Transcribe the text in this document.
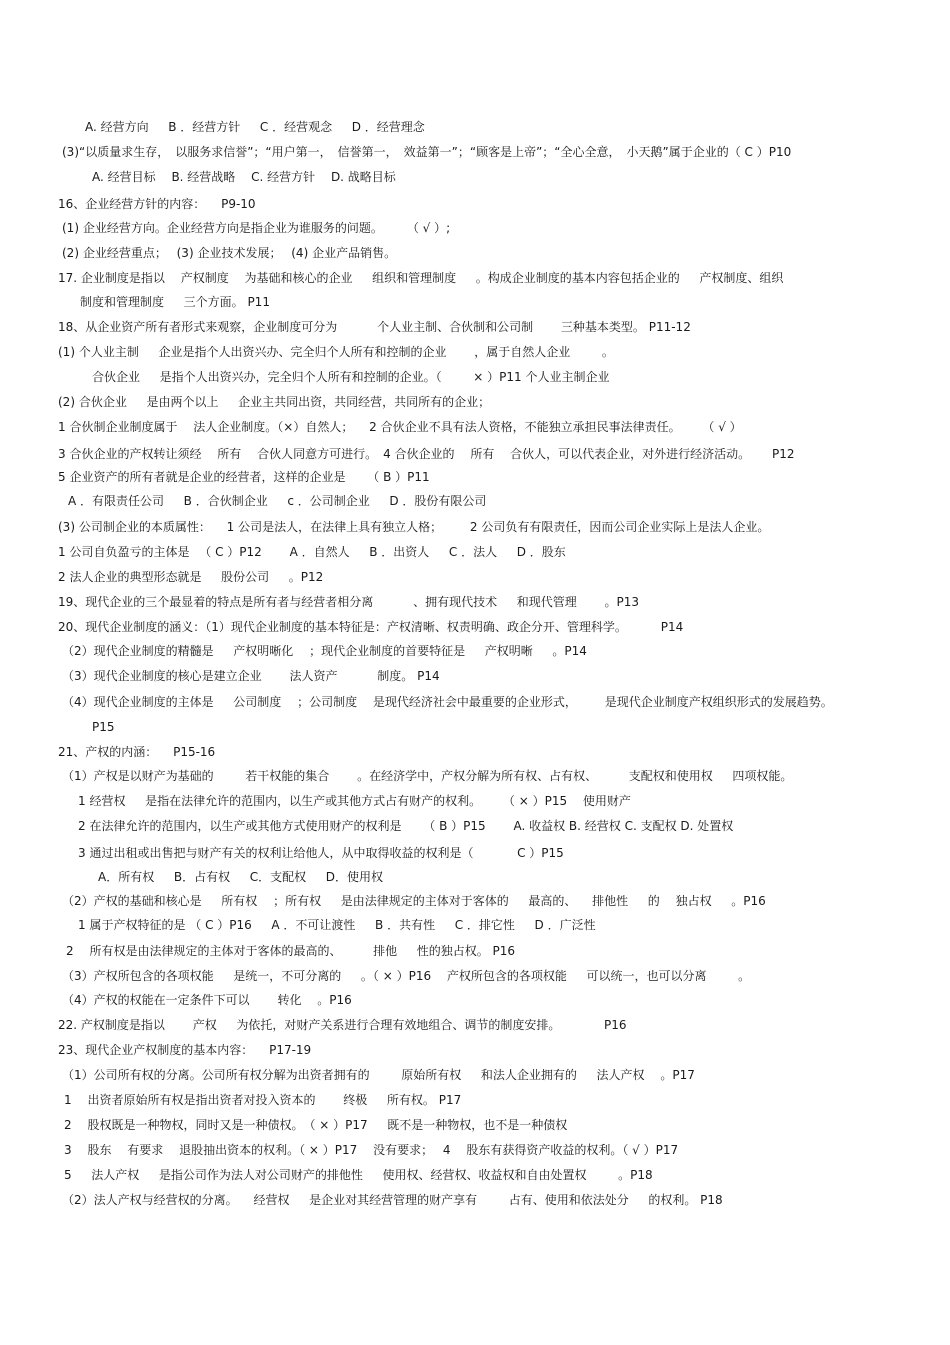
A. 经营方向 　 B ．经营方针 　 C ．经营观念 　 D ．经营理念
(3)“以质量求生存，　以服务求信誉”；“用户第一，　信誉第一，　效益第一”；“顾客是上帝”；“全心全意，　小天鹅”属于企业的（ C ）P10
A. 经营目标 　B. 经营战略 　C. 经营方针 　D. 战略目标
16、企业经营方针的内容： 　P9-10
(1) 企业经营方向。企业经营方向是指企业为谁服务的问题。　　　（ √ ）;
(2) 企业经营重点；　 (3) 企业技术发展；　 (4) 企业产品销售。
17. 企业制度是指以 　产权制度　 为基础和核心的企业 　 组织和管理制度 　 。构成企业制度的基本内容包括企业的 　 产权制度、组织
制度和管理制度 　 三个方面。 P11
18、从企业资产所有者形式来观察，企业制度可分为 　　　个人业主制、合伙制和公司制 　　三种基本类型。 P11-12
(1) 个人业主制 　 企业是指个人出资兴办、完全归个人所有和控制的企业 　　，属于自然人企业 　　 。
合伙企业 　 是指个人出资兴办，完全归个人所有和控制的企业。（ 　　 × ）P11 个人业主制企业
(2) 合伙企业 　 是由两个以上 　 企业主共同出资，共同经营，共同所有的企业；
1 合伙制企业制度属于 　法人企业制度。（×）自然人； 　2 合伙企业不具有法人资格，不能独立承担民事法律责任。 　　（ √ ）
3 合伙企业的产权转让须经 　所有 　合伙人同意方可进行。　4 合伙企业的 　所有 　合伙人，可以代表企业，对外进行经济活动。　　 P12
5 企业资产的所有者就是企业的经营者，这样的企业是 　　（ B ）P11
A ．有限责任公司 　 B ．合伙制企业 　 c ．公司制企业 　 D ．股份有限公司
(3) 公司制企业的本质属性： 　1 公司是法人，在法律上具有独立人格； 　　2 公司负有有限责任，因而公司企业实际上是法人企业。
1 公司自负盈亏的主体是 　（ C ）P12 　　A ．自然人 　 B ．出资人 　 C ．法人 　 D ．股东
2 法人企业的典型形态就是 　 股份公司 　 。P12
19、现代企业的三个最显着的特点是所有者与经营者相分离 　　　、拥有现代技术 　 和现代管理 　　。P13
20、现代企业制度的涵义：（1）现代企业制度的基本特征是：产权清晰、权责明确、政企分开、管理科学。　　　 P14
（2）现代企业制度的精髓是 　 产权明晰化 　；现代企业制度的首要特征是 　 产权明晰 　 。P14
（3）现代企业制度的核心是建立企业 　　法人资产 　　　制度。 P14
（4）现代企业制度的主体是 　 公司制度 　；公司制度 　是现代经济社会中最重要的企业形式， 　　是现代企业制度产权组织形式的发展趋势。
P15
21、产权的内涵： 　P15-16
（1）产权是以财产为基础的 　　 若干权能的集合 　　。在经济学中，产权分解为所有权、占有权、 　　 支配权和使用权 　 四项权能。
1 经营权 　 是指在法律允许的范围内，以生产或其他方式占有财产的权利。 　　（ × ）P15 　使用财产
2 在法律允许的范围内，以生产或其他方式使用财产的权利是 　　（ B ）P15 　　A. 收益权 B. 经营权 C. 支配权 D. 处置权
3 通过出租或出售把与财产有关的权利让给他人，从中取得收益的权利是（ 　　　 C ）P15
A．所有权 　 B．占有权 　 C．支配权 　 D．使用权
（2）产权的基础和核心是 　 所有权 　；所有权 　 是由法律规定的主体对于客体的 　 最高的、 　排他性 　 的 　独占权 　 。P16
1 属于产权特征的是 （ C ）P16 　 A ．不可让渡性 　 B ．共有性 　 C ．排它性 　 D ．广泛性
2 　所有权是由法律规定的主体对于客体的最高的、 　　 排他 　 性的独占权。 P16
（3）产权所包含的各项权能 　 是统一，不可分离的 　 。（ × ）P16 　产权所包含的各项权能 　 可以统一，也可以分离 　　 。
（4）产权的权能在一定条件下可以 　　转化 　。P16
22. 产权制度是指以 　　产权 　 为依托，对财产关系进行合理有效地组合、调节的制度安排。 　　　 P16
23、现代企业产权制度的基本内容： 　P17-19
（1）公司所有权的分离。公司所有权分解为出资者拥有的 　　 原始所有权 　 和法人企业拥有的 　 法人产权 　。P17
1 　出资者原始所有权是指出资者对投入资本的 　　终极 　 所有权。 P17
2 　股权既是一种物权，同时又是一种债权。　（ × ）P17 　 既不是一种物权，也不是一种债权
3 　股东 　有要求 　退股抽出资本的权利。（ × ）P17 　没有要求；　 4 　股东有获得资产收益的权利。（ √ ）P17
5 　 法人产权 　 是指公司作为法人对公司财产的排他性 　 使用权、经营权、收益权和自由处置权 　　 。P18
（2）法人产权与经营权的分离。 　经营权 　 是企业对其经营管理的财产享有 　　 占有、使用和依法处分 　 的权利。 P18
